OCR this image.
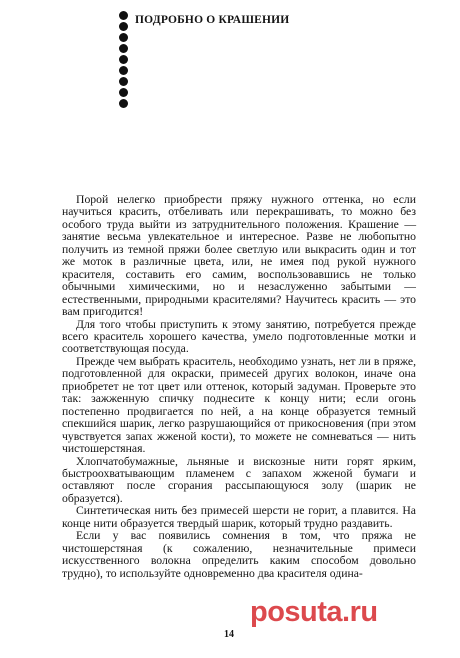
ПОДРОБНО О КРАШЕНИИ

Порой нелегко приобрести пряжу нужного оттенка, но если научиться красить, отбеливать или перекрашивать, то можно без особого труда выйти из затруднительного положения. Крашение — занятие весьма увлекательное и интересное. Разве не любопытно получить из темной пряжи более светлую или выкрасить один и тот же моток в различные цвета, или, не имея под рукой нужного красителя, составить его самим, воспользовавшись не только обычными химическими, но и незаслуженно забытыми — естественными, природными красителями? Научитесь красить — это вам пригодится!

Для того чтобы приступить к этому занятию, потребуется прежде всего краситель хорошего качества, умело подготовленные мотки и соответствующая посуда.

Прежде чем выбрать краситель, необходимо узнать, нет ли в пряже, подготовленной для окраски, примесей других волокон, иначе она приобретет не тот цвет или оттенок, который задуман. Проверьте это так: зажженную спичку поднесите к концу нити; если огонь постепенно продвигается по ней, а на конце образуется темный спекшийся шарик, легко разрушающийся от прикосновения (при этом чувствуется запах жженой кости), то можете не сомневаться — нить чистошерстяная.

Хлопчатобумажные, льняные и вискозные нити горят ярким, быстроохватывающим пламенем с запахом жженой бумаги и оставляют после сгорания рассыпающуюся золу (шарик не образуется).

Синтетическая нить без примесей шерсти не горит, а плавится. На конце нити образуется твердый шарик, который трудно раздавить.

Если у вас появились сомнения в том, что пряжа не чистошерстяная (к сожалению, незначительные примеси искусственного волокна определить каким способом довольно трудно), то используйте одновременно два красителя одина-

14
posuta.ru
